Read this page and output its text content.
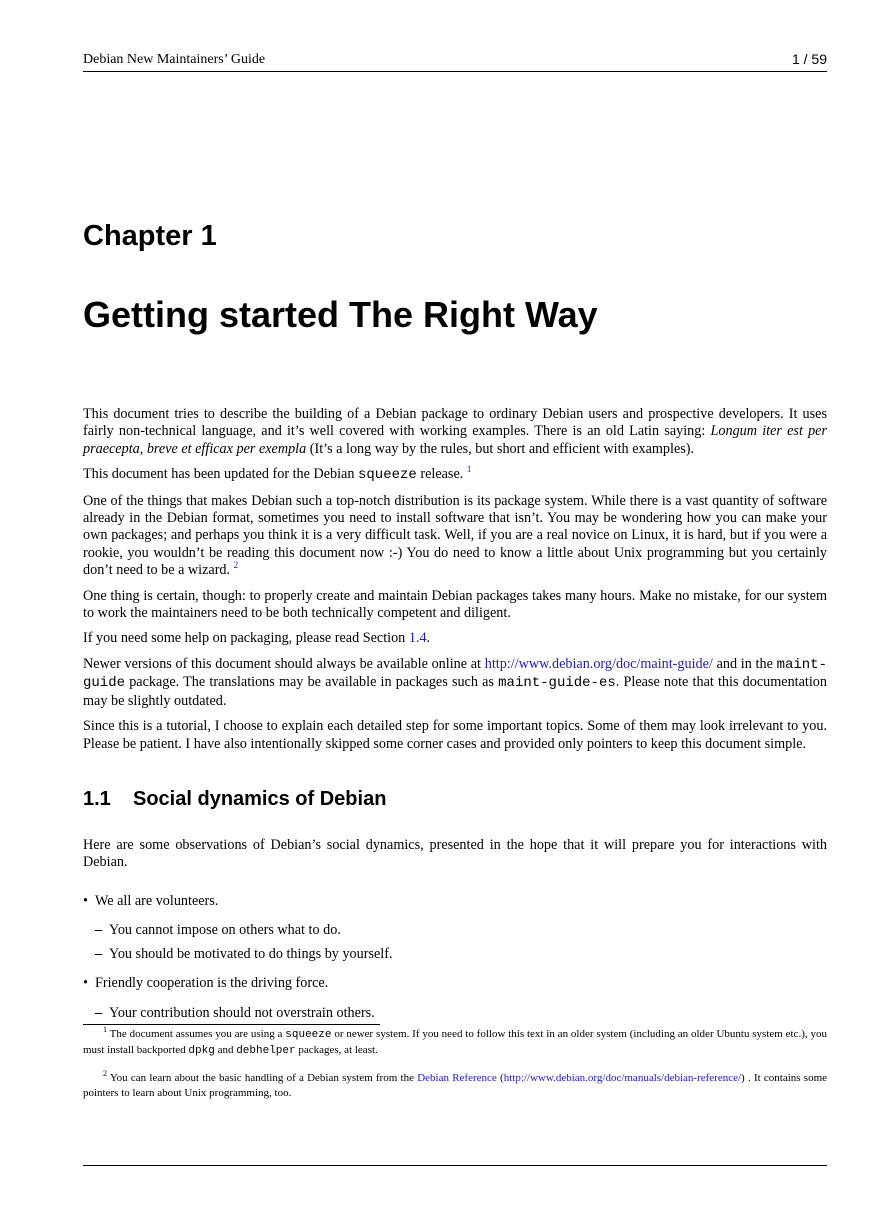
Debian New Maintainers’ Guide	1 / 59
Chapter 1
Getting started The Right Way

This document tries to describe the building of a Debian package to ordinary Debian users and prospective developers. It uses fairly non-technical language, and it’s well covered with working examples. There is an old Latin saying: Longum iter est per praecepta, breve et efficax per exempla (It’s a long way by the rules, but short and efficient with examples).

This document has been updated for the Debian squeeze release. $^1$

One of the things that makes Debian such a top-notch distribution is its package system. While there is a vast quantity of software already in the Debian format, sometimes you need to install software that isn’t. You may be wondering how you can make your own packages; and perhaps you think it is a very difficult task. Well, if you are a real novice on Linux, it is hard, but if you were a rookie, you wouldn’t be reading this document now :-) You do need to know a little about Unix programming but you certainly don’t need to be a wizard. $^2$

One thing is certain, though: to properly create and maintain Debian packages takes many hours. Make no mistake, for our system to work the maintainers need to be both technically competent and diligent.

If you need some help on packaging, please read Section 1.4.

Newer versions of this document should always be available online at http://www.debian.org/doc/maint-guide/ and in the maint-guide package. The translations may be available in packages such as maint-guide-es. Please note that this documentation may be slightly outdated.

Since this is a tutorial, I choose to explain each detailed step for some important topics. Some of them may look irrelevant to you. Please be patient. I have also intentionally skipped some corner cases and provided only pointers to keep this document simple.

1.1 Social dynamics of Debian

Here are some observations of Debian’s social dynamics, presented in the hope that it will prepare you for interactions with Debian.

• We all are volunteers.
– You cannot impose on others what to do.
– You should be motivated to do things by yourself.
• Friendly cooperation is the driving force.
– Your contribution should not overstrain others.

$^1$ The document assumes you are using a squeeze or newer system. If you need to follow this text in an older system (including an older Ubuntu system etc.), you must install backported dpkg and debhelper packages, at least.

$^2$ You can learn about the basic handling of a Debian system from the Debian Reference (http://www.debian.org/doc/manuals/debian-reference/) . It contains some pointers to learn about Unix programming, too.
